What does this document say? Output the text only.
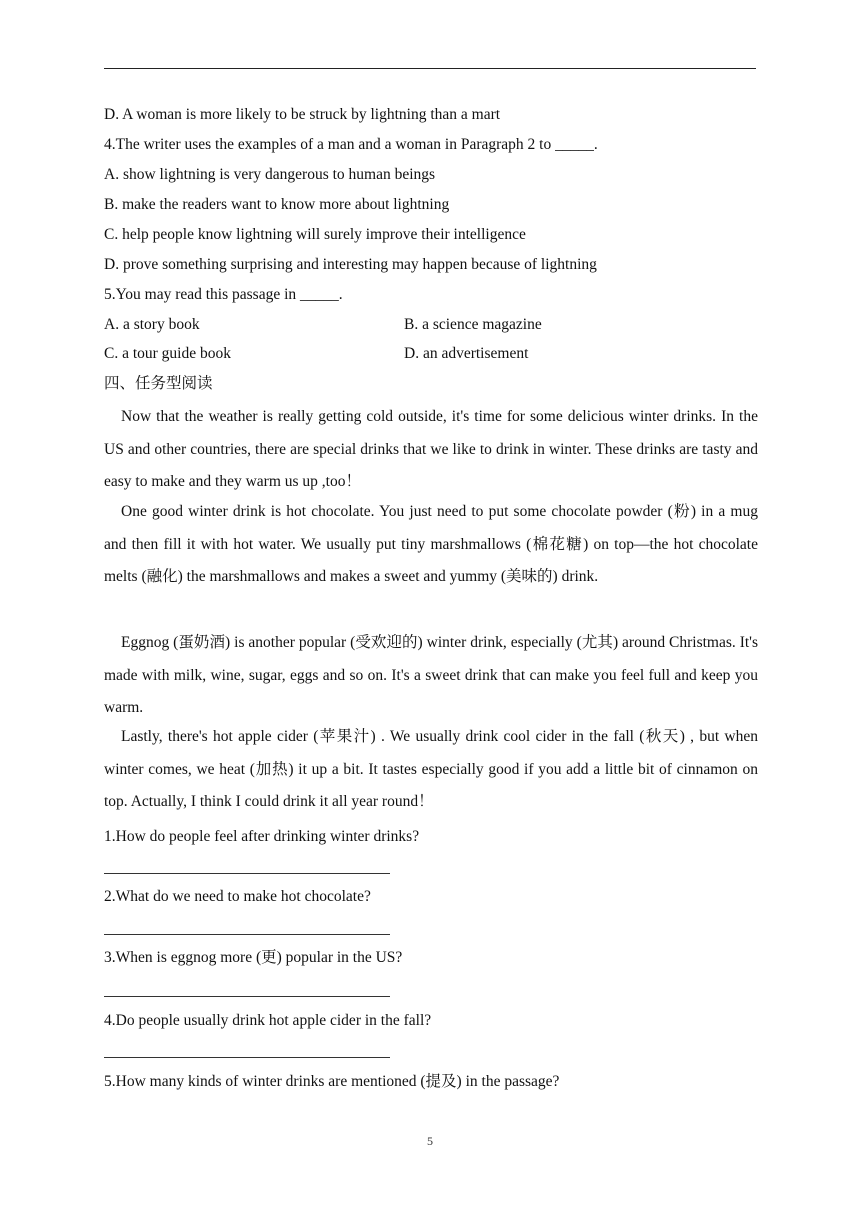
D. A woman is more likely to be struck by lightning than a mart
4.The writer uses the examples of a man and a woman in Paragraph 2 to _____.
A. show lightning is very dangerous to human beings
B. make the readers want to know more about lightning
C. help people know lightning will surely improve their intelligence
D. prove something surprising and interesting may happen because of lightning
5.You may read this passage in _____.
A. a story book	B. a science magazine
C. a tour guide book	D. an advertisement
四、任务型阅读
Now that the weather is really getting cold outside, it's time for some delicious winter drinks. In the US and other countries, there are special drinks that we like to drink in winter. These drinks are tasty and easy to make and they warm us up ,too！
One good winter drink is hot chocolate. You just need to put some chocolate powder (粉) in a mug and then fill it with hot water. We usually put tiny marshmallows (棉花糖) on top—the hot chocolate melts (融化) the marshmallows and makes a sweet and yummy (美味的) drink.
Eggnog (蛋奶酒) is another popular (受欢迎的) winter drink, especially (尤其) around Christmas. It's made with milk, wine, sugar, eggs and so on. It's a sweet drink that can make you feel full and keep you warm.
Lastly, there's hot apple cider (苹果汁) . We usually drink cool cider in the fall (秋天) , but when winter comes, we heat (加热) it up a bit. It tastes especially good if you add a little bit of cinnamon on top. Actually, I think I could drink it all year round！
1.How do people feel after drinking winter drinks?
2.What do we need to make hot chocolate?
3.When is eggnog more (更) popular in the US?
4.Do people usually drink hot apple cider in the fall?
5.How many kinds of winter drinks are mentioned (提及) in the passage?
5
